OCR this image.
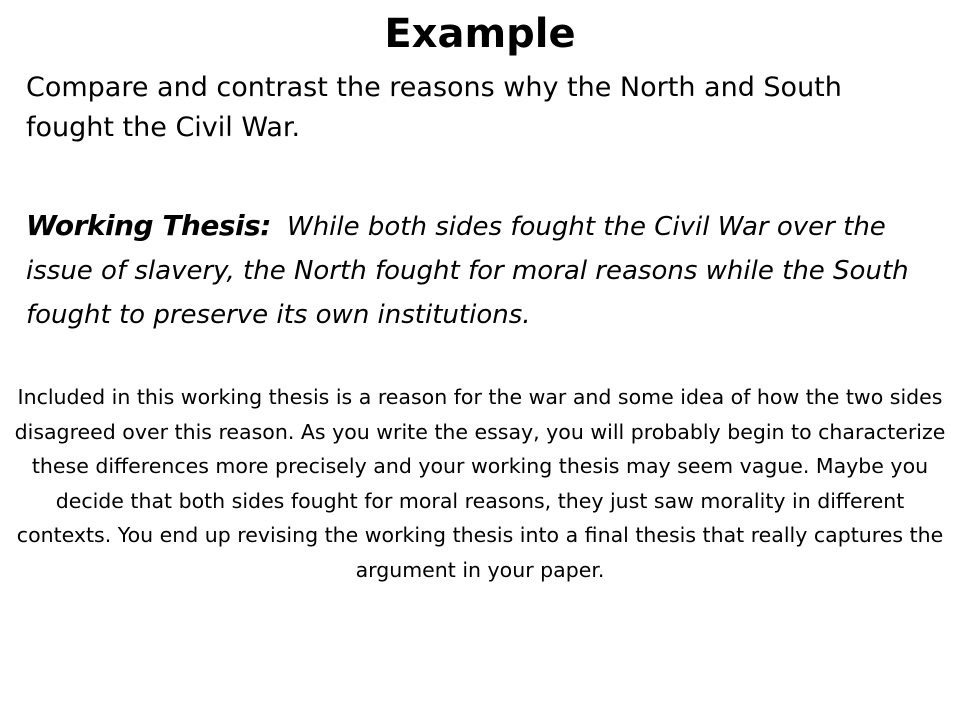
Example
Compare and contrast the reasons why the North and South fought the Civil War.
Working Thesis: While both sides fought the Civil War over the issue of slavery, the North fought for moral reasons while the South fought to preserve its own institutions.
Included in this working thesis is a reason for the war and some idea of how the two sides disagreed over this reason. As you write the essay, you will probably begin to characterize these differences more precisely and your working thesis may seem vague. Maybe you decide that both sides fought for moral reasons, they just saw morality in different contexts. You end up revising the working thesis into a final thesis that really captures the argument in your paper.
